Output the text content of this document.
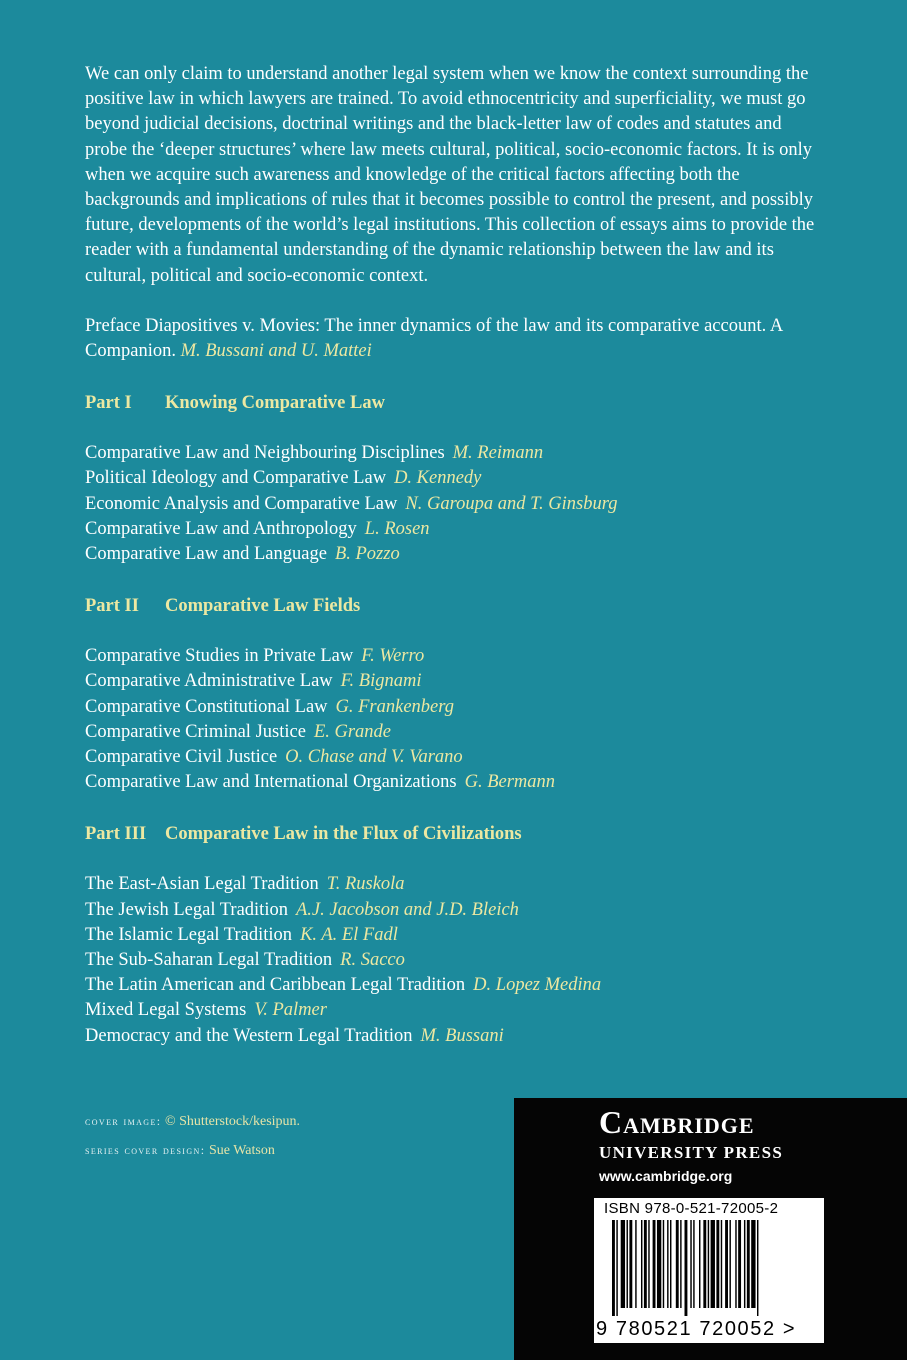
We can only claim to understand another legal system when we know the context surrounding the positive law in which lawyers are trained. To avoid ethnocentricity and superficiality, we must go beyond judicial decisions, doctrinal writings and the black-letter law of codes and statutes and probe the ‘deeper structures’ where law meets cultural, political, socio-economic factors. It is only when we acquire such awareness and knowledge of the critical factors affecting both the backgrounds and implications of rules that it becomes possible to control the present, and possibly future, developments of the world’s legal institutions. This collection of essays aims to provide the reader with a fundamental understanding of the dynamic relationship between the law and its cultural, political and socio-economic context.

Preface Diapositives v. Movies: The inner dynamics of the law and its comparative account. A Companion. M. Bussani and U. Mattei
Part I Knowing Comparative Law
Comparative Law and Neighbouring Disciplines M. Reimann
Political Ideology and Comparative Law D. Kennedy
Economic Analysis and Comparative Law N. Garoupa and T. Ginsburg
Comparative Law and Anthropology L. Rosen
Comparative Law and Language B. Pozzo
Part II Comparative Law Fields
Comparative Studies in Private Law F. Werro
Comparative Administrative Law F. Bignami
Comparative Constitutional Law G. Frankenberg
Comparative Criminal Justice E. Grande
Comparative Civil Justice O. Chase and V. Varano
Comparative Law and International Organizations G. Bermann
Part III Comparative Law in the Flux of Civilizations
The East-Asian Legal Tradition T. Ruskola
The Jewish Legal Tradition A.J. Jacobson and J.D. Bleich
The Islamic Legal Tradition K. A. El Fadl
The Sub-Saharan Legal Tradition R. Sacco
The Latin American and Caribbean Legal Tradition D. Lopez Medina
Mixed Legal Systems V. Palmer
Democracy and the Western Legal Tradition M. Bussani
cover image: © Shutterstock/kesipun.
series cover design: Sue Watson
Cambridge
UNIVERSITY PRESS
www.cambridge.org
ISBN 978-0-521-72005-2
9 780521 720052 >
